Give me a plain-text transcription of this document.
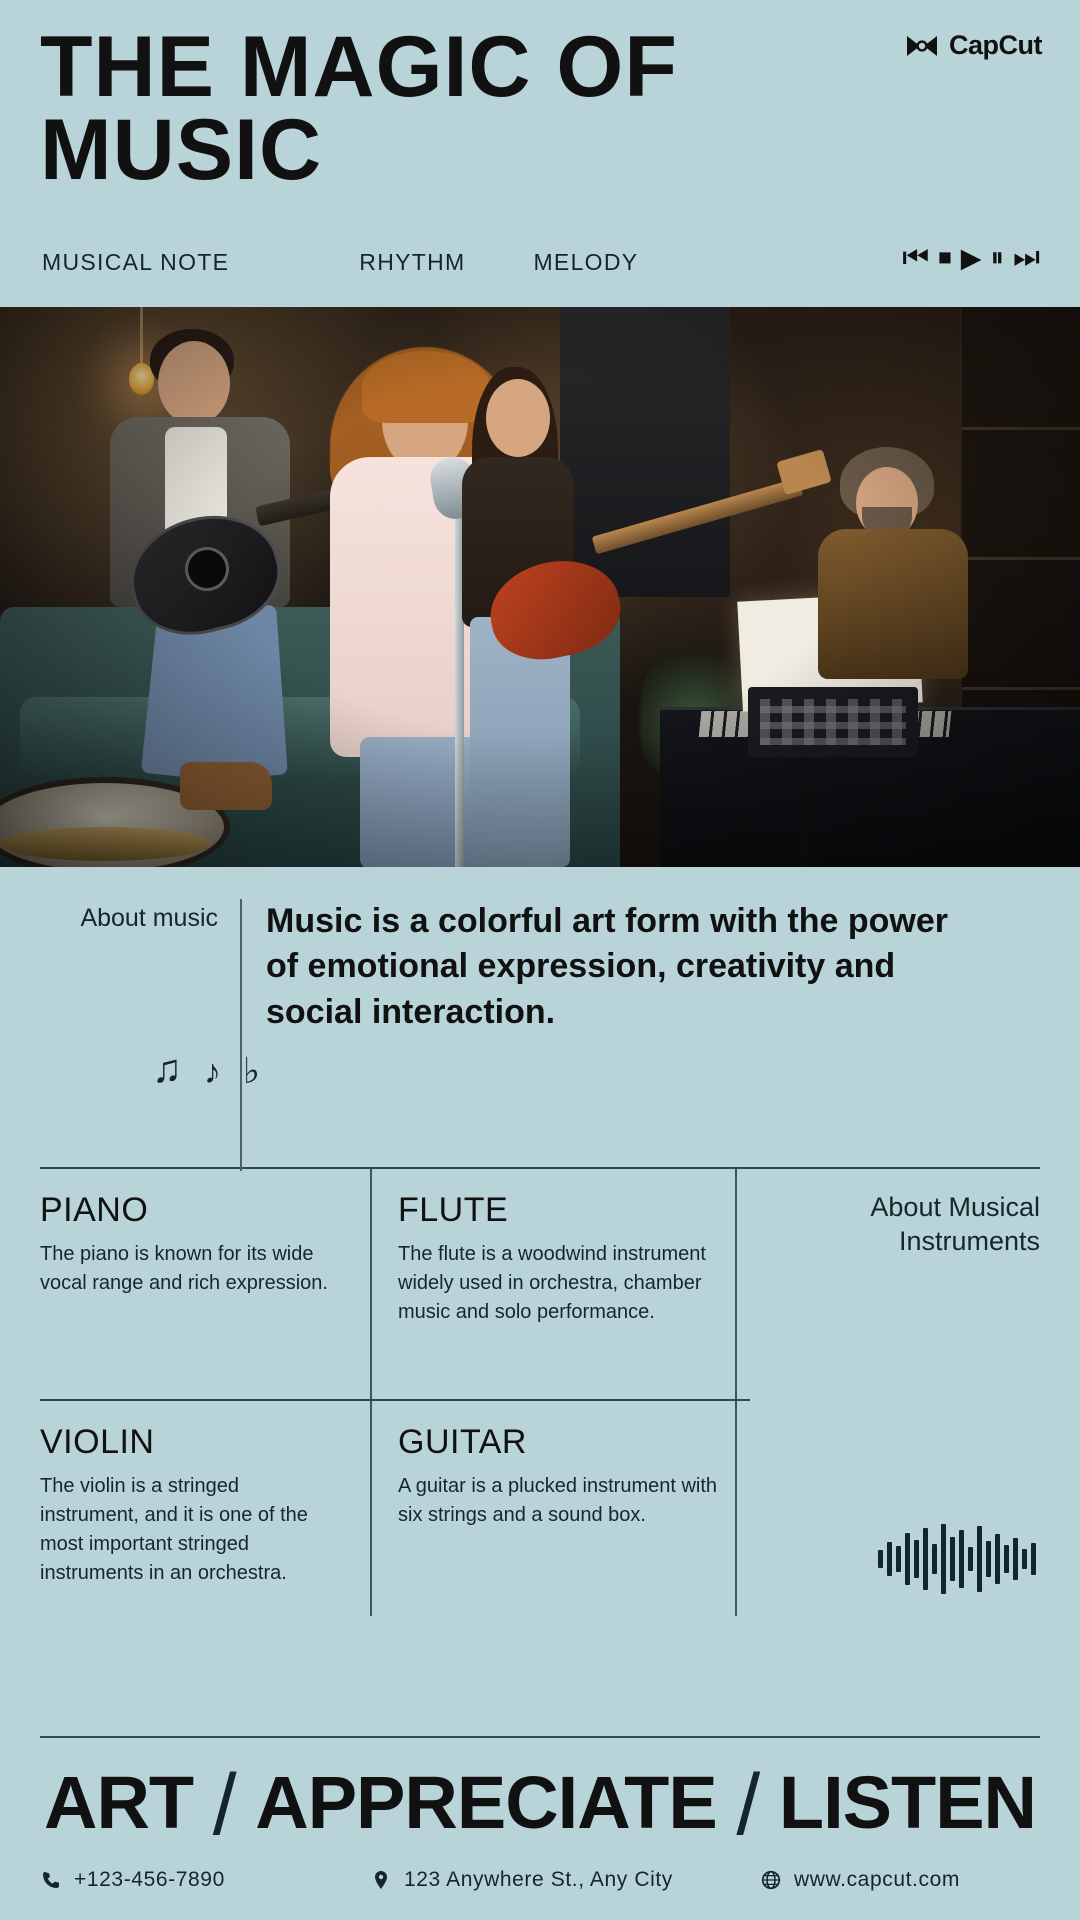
THE MAGIC OF MUSIC
CapCut
MUSICAL NOTE	RHYTHM	MELODY	⏮ ⏹ ▶ ⏸ ⏭
About music	Music is a colorful art form with the power of emotional expression, creativity and social interaction.
♫ ♪ ♭
PIANO
The piano is known for its wide vocal range and rich expression.
FLUTE
The flute is a woodwind instrument widely used in orchestra, chamber music and solo performance.
About Musical Instruments
VIOLIN
The violin is a stringed instrument, and it is one of the most important stringed instruments in an orchestra.
GUITAR
A guitar is a plucked instrument with six strings and a sound box.
ART / APPRECIATE / LISTEN
+123-456-7890	123 Anywhere St., Any City	www.capcut.com
